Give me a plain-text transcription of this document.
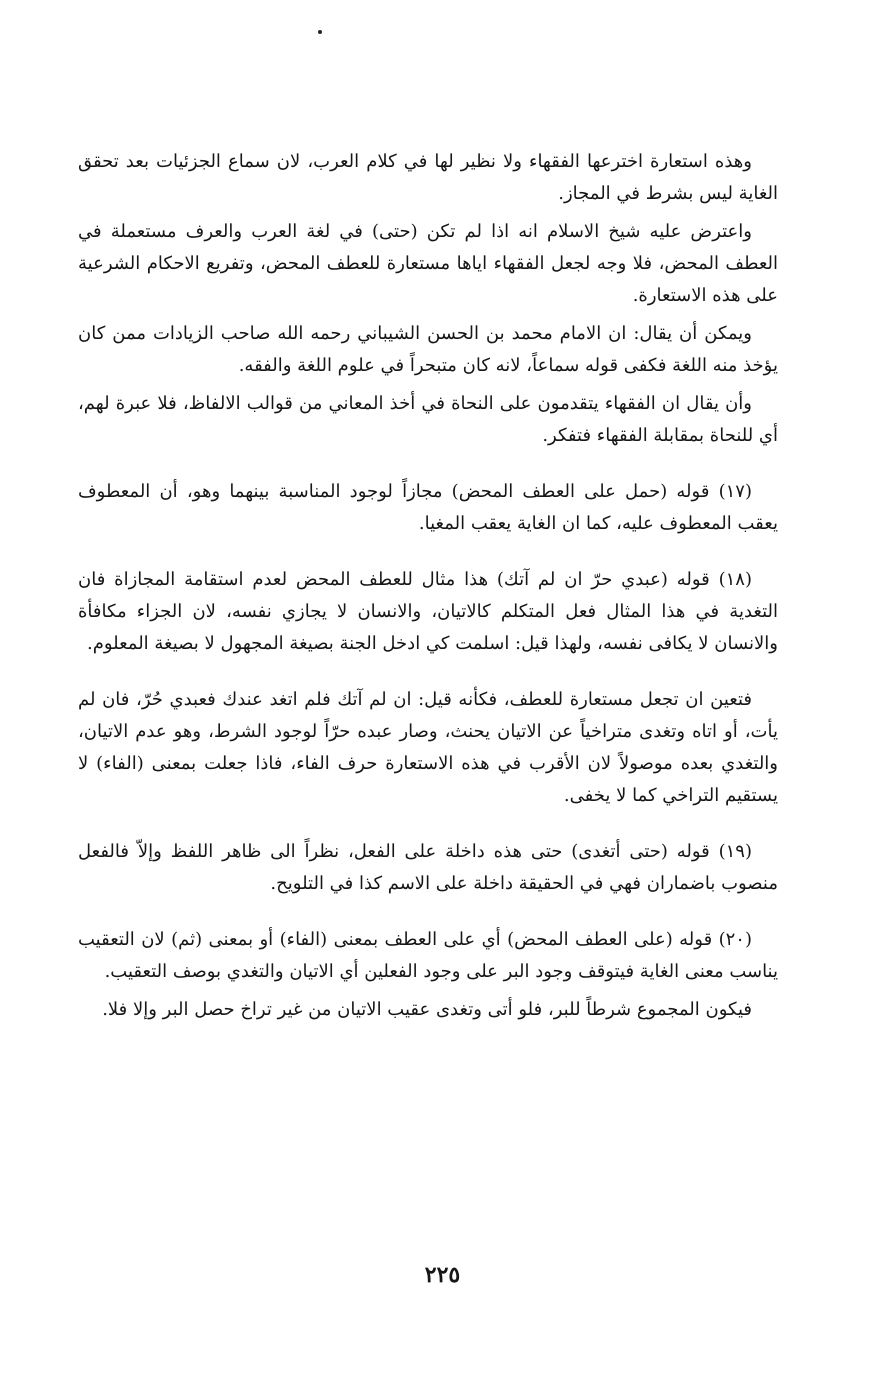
وهذه استعارة اخترعها الفقهاء ولا نظير لها في كلام العرب، لان سماع الجزئيات بعد تحقق الغاية ليس بشرط في المجاز.

واعترض عليه شيخ الاسلام انه اذا لم تكن (حتى) في لغة العرب والعرف مستعملة في العطف المحض، فلا وجه لجعل الفقهاء اياها مستعارة للعطف المحض، وتفريع الاحكام الشرعية على هذه الاستعارة.

ويمكن أن يقال: ان الامام محمد بن الحسن الشيباني رحمه الله صاحب الزيادات ممن كان يؤخذ منه اللغة فكفى قوله سماعاً، لانه كان متبحراً في علوم اللغة والفقه.

وأن يقال ان الفقهاء يتقدمون على النحاة في أخذ المعاني من قوالب الالفاظ، فلا عبرة لهم، أي للنحاة بمقابلة الفقهاء فتفكر.

(١٧) قوله (حمل على العطف المحض) مجازاً لوجود المناسبة بينهما وهو، أن المعطوف يعقب المعطوف عليه، كما ان الغاية يعقب المغيا.

(١٨) قوله (عبدي حرّ ان لم آتك) هذا مثال للعطف المحض لعدم استقامة المجازاة فان التغدية في هذا المثال فعل المتكلم كالاتيان، والانسان لا يجازي نفسه، لان الجزاء مكافأة والانسان لا يكافى نفسه، ولهذا قيل: اسلمت كي ادخل الجنة بصيغة المجهول لا بصيغة المعلوم.

فتعين ان تجعل مستعارة للعطف، فكأنه قيل: ان لم آتك فلم اتغد عندك فعبدي حُرّ، فان لم يأت، أو اتاه وتغدى متراخياً عن الاتيان يحنث، وصار عبده حرّاً لوجود الشرط، وهو عدم الاتيان، والتغدي بعده موصولاً لان الأقرب في هذه الاستعارة حرف الفاء، فاذا جعلت بمعنى (الفاء) لا يستقيم التراخي كما لا يخفى.

(١٩) قوله (حتى أتغدى) حتى هذه داخلة على الفعل، نظراً الى ظاهر اللفظ وإلاّ فالفعل منصوب باضماران فهي في الحقيقة داخلة على الاسم كذا في التلويح.

(٢٠) قوله (على العطف المحض) أي على العطف بمعنى (الفاء) أو بمعنى (ثم) لان التعقيب يناسب معنى الغاية فيتوقف وجود البر على وجود الفعلين أي الاتيان والتغدي بوصف التعقيب.

فيكون المجموع شرطاً للبر، فلو أتى وتغدى عقيب الاتيان من غير تراخ حصل البر وإلا فلا.

٢٢٥
